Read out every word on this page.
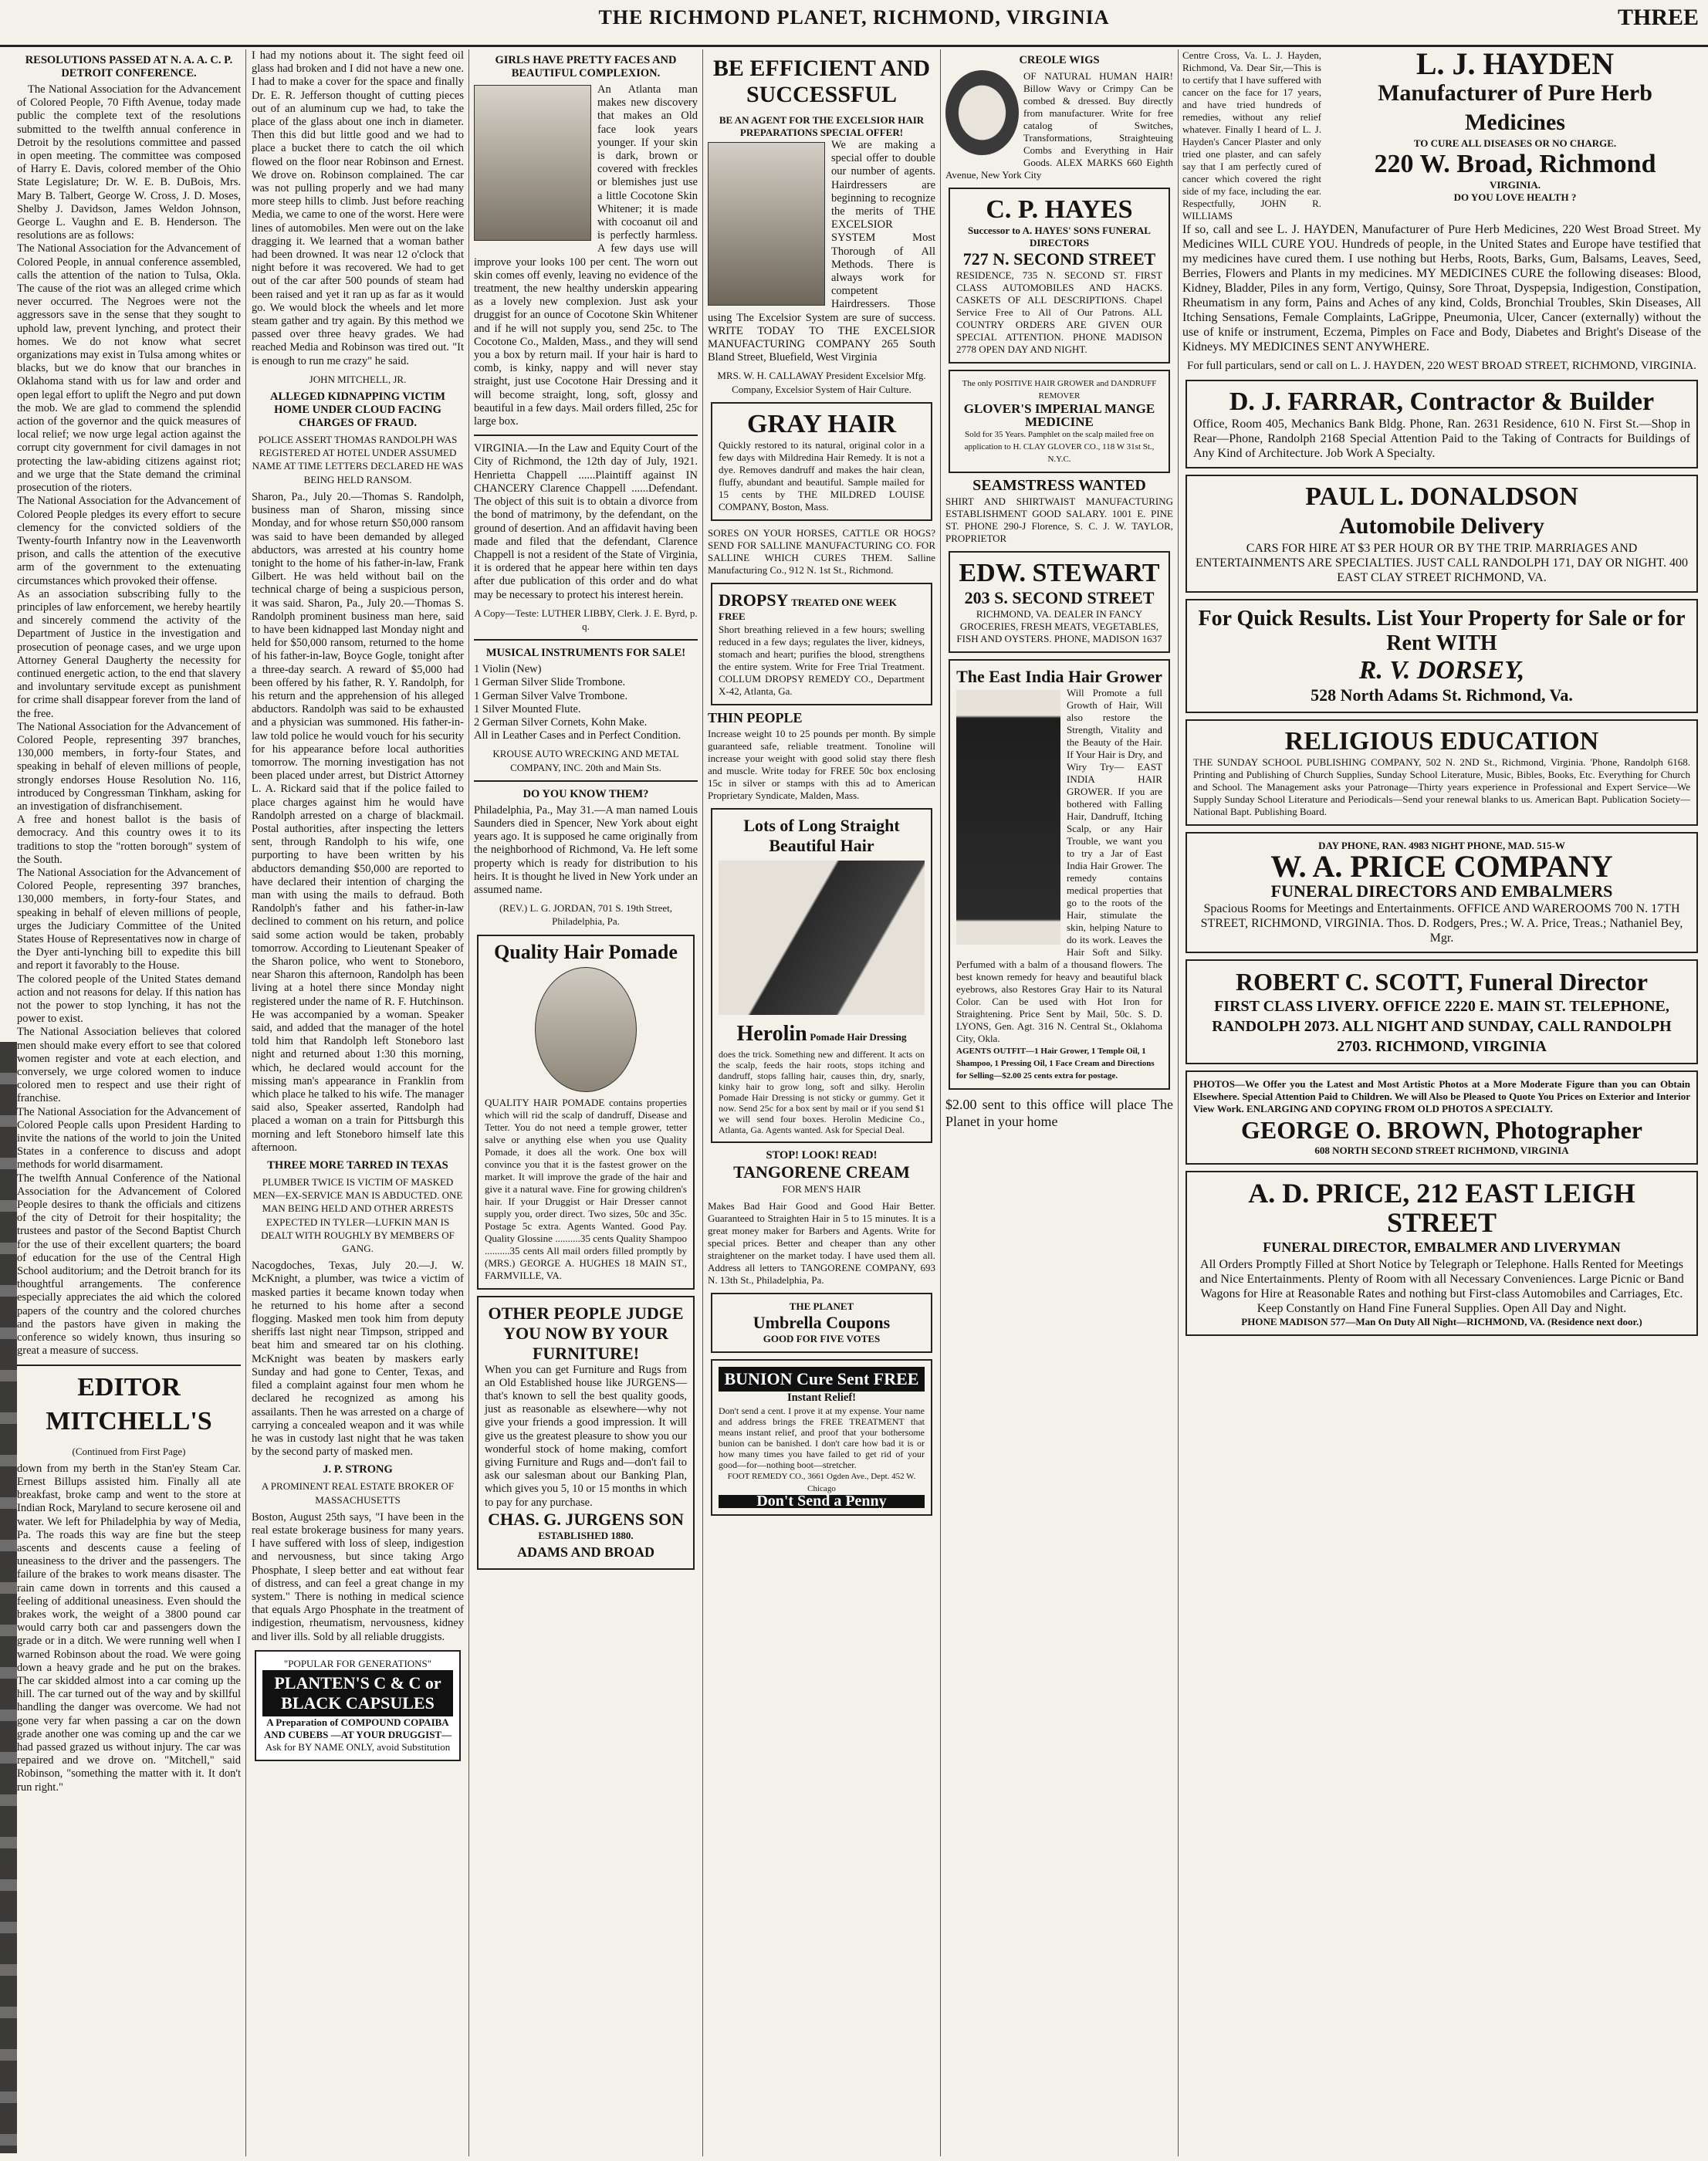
THE RICHMOND PLANET, RICHMOND, VIRGINIA	THREE
RESOLUTIONS PASSED AT N. A. A. C. P. DETROIT CONFERENCE.
The National Association for the Advancement of Colored People, 70 Fifth Avenue, today made public the complete text of the resolutions submitted to the twelfth annual conference in Detroit by the resolutions committee and passed in open meeting. The committee was composed of Harry E. Davis, colored member of the Ohio State Legislature; Dr. W. E. B. DuBois, Mrs. Mary B. Talbert, George W. Cross, J. D. Moses, Shelby J. Davidson, James Weldon Johnson, George L. Vaughn and E. B. Henderson. The resolutions are as follows:
The National Association for the Advancement of Colored People, in annual conference assembled, calls the attention of the nation to Tulsa, Okla. The cause of the riot was an alleged crime which never occurred. The Negroes were not the aggressors save in the sense that they sought to uphold law, prevent lynching, and protect their homes. We do not know what secret organizations may exist in Tulsa among whites or blacks, but we do know that our branches in Oklahoma stand with us for law and order and open legal effort to uplift the Negro and put down the mob. We are glad to commend the splendid action of the governor and the quick measures of local relief; we now urge legal action against the corrupt city government for civil damages in not protecting the law-abiding citizens against riot; and we urge that the State demand the criminal prosecution of the rioters.
The National Association for the Advancement of Colored People pledges its every effort to secure clemency for the convicted soldiers of the Twenty-fourth Infantry now in the Leavenworth prison, and calls the attention of the executive arm of the government to the extenuating circumstances which provoked their offense.
As an association subscribing fully to the principles of law enforcement, we hereby heartily and sincerely commend the activity of the Department of Justice in the investigation and prosecution of peonage cases, and we urge upon Attorney General Daugherty the necessity for continued energetic action, to the end that slavery and involuntary servitude except as punishment for crime shall disappear forever from the land of the free.
The National Association for the Advancement of Colored People, representing 397 branches, 130,000 members, in forty-four States, and speaking in behalf of eleven millions of people, strongly endorses House Resolution No. 116, introduced by Congressman Tinkham, asking for an investigation of disfranchisement.
A free and honest ballot is the basis of democracy. And this country owes it to its traditions to stop the "rotten borough" system of the South.
The National Association for the Advancement of Colored People, representing 397 branches, 130,000 members, in forty-four States, and speaking in behalf of eleven millions of people, urges the Judiciary Committee of the United States House of Representatives now in charge of the Dyer anti-lynching bill to expedite this bill and report it favorably to the House.
The colored people of the United States demand action and not reasons for delay. If this nation has not the power to stop lynching, it has not the power to exist.
The National Association believes that colored men should make every effort to see that colored women register and vote at each election, and conversely, we urge colored women to induce colored men to respect and use their right of franchise.
The National Association for the Advancement of Colored People calls upon President Harding to invite the nations of the world to join the United States in a conference to discuss and adopt methods for world disarmament.
The twelfth Annual Conference of the National Association for the Advancement of Colored People desires to thank the officials and citizens of the city of Detroit for their hospitality; the trustees and pastor of the Second Baptist Church for the use of their excellent quarters; the board of education for the use of the Central High School auditorium; and the Detroit branch for its thoughtful arrangements. The conference especially appreciates the aid which the colored papers of the country and the colored churches and the pastors have given in making the conference so widely known, thus insuring so great a measure of success.
EDITOR MITCHELL'S
(Continued from First Page)
down from my berth in the Stan'ey Steam Car. Ernest Billups assisted him. Finally all ate breakfast, broke camp and went to the store at Indian Rock, Maryland to secure kerosene oil and water. We left for Philadelphia by way of Media, Pa. The roads this way are fine but the steep ascents and descents cause a feeling of uneasiness to the driver and the passengers. The failure of the brakes to work means disaster. The rain came down in torrents and this caused a feeling of additional uneasiness. Even should the brakes work, the weight of a 3800 pound car would carry both car and passengers down the grade or in a ditch. We were running well when I warned Robinson about the road. We were going down a heavy grade and he put on the brakes. The car skidded almost into a car coming up the hill. The car turned out of the way and by skillful handling the danger was overcome. We had not gone very far when passing a car on the down grade another one was coming up and the car we had passed grazed us without injury. The car was repaired and we drove on. "Mitchell," said Robinson, "something the matter with it. It don't run right."
I had my notions about it. The sight feed oil glass had broken and I did not have a new one. I had to make a cover for the space and finally Dr. E. R. Jefferson thought of cutting pieces out of an aluminum cup we had, to take the place of the glass about one inch in diameter. Then this did but little good and we had to place a bucket there to catch the oil which flowed on the floor near Robinson and Ernest. We drove on. Robinson complained. The car was not pulling properly and we had many more steep hills to climb. Just before reaching Media, we came to one of the worst. Here were lines of automobiles. Men were out on the lake dragging it. We learned that a woman bather had been drowned. It was near 12 o'clock that night before it was recovered. We had to get out of the car after 500 pounds of steam had been raised and yet it ran up as far as it would go. We would block the wheels and let more steam gather and try again. By this method we passed over three heavy grades. We had reached Media and Robinson was tired out. "It is enough to run me crazy" he said.
JOHN MITCHELL, JR.
ALLEGED KIDNAPPING VICTIM HOME UNDER CLOUD FACING CHARGES OF FRAUD.
POLICE ASSERT THOMAS RANDOLPH WAS REGISTERED AT HOTEL UNDER ASSUMED NAME AT TIME LETTERS DECLARED HE WAS BEING HELD RANSOM.
Sharon, Pa., July 20.—Thomas S. Randolph, business man of Sharon, missing since Monday, and for whose return $50,000 ransom was said to have been demanded by alleged abductors, was arrested at his country home tonight to the home of his father-in-law, Frank Gilbert. He was held without bail on the technical charge of being a suspicious person, it was said. Sharon, Pa., July 20.—Thomas S. Randolph prominent business man here, said to have been kidnapped last Monday night and held for $50,000 ransom, returned to the home of his father-in-law, Boyce Gogle, tonight after a three-day search. A reward of $5,000 had been offered by his father, R. Y. Randolph, for his return and the apprehension of his alleged abductors. Randolph was said to be exhausted and a physician was summoned. His father-in-law told police he would vouch for his security for his appearance before local authorities tomorrow. The morning investigation has not been placed under arrest, but District Attorney L. A. Rickard said that if the police failed to place charges against him he would have Randolph arrested on a charge of blackmail. Postal authorities, after inspecting the letters sent, through Randolph to his wife, one purporting to have been written by his abductors demanding $50,000 are reported to have declared their intention of charging the man with using the mails to defraud. Both Randolph's father and his father-in-law declined to comment on his return, and police said some action would be taken, probably tomorrow. According to Lieutenant Speaker of the Sharon police, who went to Stoneboro, near Sharon this afternoon, Randolph has been living at a hotel there since Monday night registered under the name of R. F. Hutchinson. He was accompanied by a woman. Speaker said, and added that the manager of the hotel told him that Randolph left Stoneboro last night and returned about 1:30 this morning, which, he declared would account for the missing man's appearance in Franklin from which place he talked to his wife. The manager said also, Speaker asserted, Randolph had placed a woman on a train for Pittsburgh this morning and left Stoneboro himself late this afternoon.
THREE MORE TARRED IN TEXAS
PLUMBER TWICE IS VICTIM OF MASKED MEN—EX-SERVICE MAN IS ABDUCTED. ONE MAN BEING HELD AND OTHER ARRESTS EXPECTED IN TYLER—LUFKIN MAN IS DEALT WITH ROUGHLY BY MEMBERS OF GANG.
Nacogdoches, Texas, July 20.—J. W. McKnight, a plumber, was twice a victim of masked parties it became known today when he returned to his home after a second flogging. Masked men took him from deputy sheriffs last night near Timpson, stripped and beat him and smeared tar on his clothing. McKnight was beaten by maskers early Sunday and had gone to Center, Texas, and filed a complaint against four men whom he declared he recognized as among his assailants. Then he was arrested on a charge of carrying a concealed weapon and it was while he was in custody last night that he was taken by the second party of masked men.
J. P. STRONG
A PROMINENT REAL ESTATE BROKER OF MASSACHUSETTS
Boston, August 25th says, "I have been in the real estate brokerage business for many years. I have suffered with loss of sleep, indigestion and nervousness, but since taking Argo Phosphate, I sleep better and eat without fear of distress, and can feel a great change in my system." There is nothing in medical science that equals Argo Phosphate in the treatment of indigestion, rheumatism, nervousness, kidney and liver ills. Sold by all reliable druggists.
"POPULAR FOR GENERATIONS"
PLANTEN'S C & C or BLACK CAPSULES
A Preparation of COMPOUND COPAIBA AND CUBEBS —AT YOUR DRUGGIST—
Ask for BY NAME ONLY, avoid Substitution
GIRLS HAVE PRETTY FACES AND BEAUTIFUL COMPLEXION.
An Atlanta man makes new discovery that makes an Old face look years younger. If your skin is dark, brown or covered with freckles or blemishes just use a little Cocotone Skin Whitener; it is made with cocoanut oil and is perfectly harmless. A few days use will improve your looks 100 per cent. The worn out skin comes off evenly, leaving no evidence of the treatment, the new healthy underskin appearing as a lovely new complexion. Just ask your druggist for an ounce of Cocotone Skin Whitener and if he will not supply you, send 25c. to The Cocotone Co., Malden, Mass., and they will send you a box by return mail. If your hair is hard to comb, is kinky, nappy and will never stay straight, just use Cocotone Hair Dressing and it will become straight, long, soft, glossy and beautiful in a few days. Mail orders filled, 25c for large box.
VIRGINIA.—In the Law and Equity Court of the City of Richmond, the 12th day of July, 1921. Henrietta Chappell ......Plaintiff against IN CHANCERY Clarence Chappell ......Defendant. The object of this suit is to obtain a divorce from the bond of matrimony, by the defendant, on the ground of desertion. And an affidavit having been made and filed that the defendant, Clarence Chappell is not a resident of the State of Virginia, it is ordered that he appear here within ten days after due publication of this order and do what may be necessary to protect his interest herein.
A Copy—Teste: LUTHER LIBBY, Clerk. J. E. Byrd, p. q.
MUSICAL INSTRUMENTS FOR SALE!
1 Violin (New)
1 German Silver Slide Trombone.
1 German Silver Valve Trombone.
1 Silver Mounted Flute.
2 German Silver Cornets, Kohn Make.
All in Leather Cases and in Perfect Condition.
KROUSE AUTO WRECKING AND METAL COMPANY, INC. 20th and Main Sts.
DO YOU KNOW THEM?
Philadelphia, Pa., May 31.—A man named Louis Saunders died in Spencer, New York about eight years ago. It is supposed he came originally from the neighborhood of Richmond, Va. He left some property which is ready for distribution to his heirs. It is thought he lived in New York under an assumed name.
(REV.) L. G. JORDAN, 701 S. 19th Street, Philadelphia, Pa.
Quality Hair Pomade
QUALITY HAIR POMADE contains properties which will rid the scalp of dandruff, Disease and Tetter. You do not need a temple grower, tetter salve or anything else when you use Quality Pomade, it does all the work. One box will convince you that it is the fastest grower on the market. It will improve the grade of the hair and give it a natural wave. Fine for growing children's hair. If your Druggist or Hair Dresser cannot supply you, order direct. Two sizes, 50c and 35c. Postage 5c extra. Agents Wanted. Good Pay. Quality Glossine ..........35 cents Quality Shampoo ..........35 cents All mail orders filled promptly by (MRS.) GEORGE A. HUGHES 18 MAIN ST., FARMVILLE, VA.
OTHER PEOPLE JUDGE YOU NOW BY YOUR FURNITURE!
When you can get Furniture and Rugs from an Old Established house like JURGENS—that's known to sell the best quality goods, just as reasonable as elsewhere—why not give your friends a good impression. It will give us the greatest pleasure to show you our wonderful stock of home making, comfort giving Furniture and Rugs and—don't fail to ask our salesman about our Banking Plan, which gives you 5, 10 or 15 months in which to pay for any purchase.
CHAS. G. JURGENS SON
ESTABLISHED 1880.
ADAMS AND BROAD
BE EFFICIENT AND SUCCESSFUL
BE AN AGENT FOR THE EXCELSIOR HAIR PREPARATIONS SPECIAL OFFER!
We are making a special offer to double our number of agents. Hairdressers are beginning to recognize the merits of THE EXCELSIOR SYSTEM Most Thorough of All Methods. There is always work for competent Hairdressers. Those using The Excelsior System are sure of success. WRITE TODAY TO THE EXCELSIOR MANUFACTURING COMPANY 265 South Bland Street, Bluefield, West Virginia
MRS. W. H. CALLAWAY President Excelsior Mfg. Company, Excelsior System of Hair Culture.
GRAY HAIR
Quickly restored to its natural, original color in a few days with Mildredina Hair Remedy. It is not a dye. Removes dandruff and makes the hair clean, fluffy, abundant and beautiful. Sample mailed for 15 cents by THE MILDRED LOUISE COMPANY, Boston, Mass.
SORES ON YOUR HORSES, CATTLE OR HOGS? SEND FOR SALLINE MANUFACTURING CO. FOR SALLINE WHICH CURES THEM. Salline Manufacturing Co., 912 N. 1st St., Richmond.
DROPSY TREATED ONE WEEK FREE
Short breathing relieved in a few hours; swelling reduced in a few days; regulates the liver, kidneys, stomach and heart; purifies the blood, strengthens the entire system. Write for Free Trial Treatment. COLLUM DROPSY REMEDY CO., Department X-42, Atlanta, Ga.
THIN PEOPLE
Increase weight 10 to 25 pounds per month. By simple guaranteed safe, reliable treatment. Tonoline will increase your weight with good solid stay there flesh and muscle. Write today for FREE 50c box enclosing 15c in silver or stamps with this ad to American Proprietary Syndicate, Malden, Mass.
Lots of Long Straight Beautiful Hair
Herolin Pomade Hair Dressing
does the trick. Something new and different. It acts on the scalp, feeds the hair roots, stops itching and dandruff, stops falling hair, causes thin, dry, snarly, kinky hair to grow long, soft and silky. Herolin Pomade Hair Dressing is not sticky or gummy. Get it now. Send 25c for a box sent by mail or if you send $1 we will send four boxes. Herolin Medicine Co., Atlanta, Ga. Agents wanted. Ask for Special Deal.
STOP! LOOK! READ!
TANGORENE CREAM
FOR MEN'S HAIR
Makes Bad Hair Good and Good Hair Better. Guaranteed to Straighten Hair in 5 to 15 minutes. It is a great money maker for Barbers and Agents. Write for special prices. Better and cheaper than any other straightener on the market today. I have used them all. Address all letters to TANGORENE COMPANY, 693 N. 13th St., Philadelphia, Pa.
THE PLANET
Umbrella Coupons
GOOD FOR FIVE VOTES
BUNION Cure Sent FREE
Instant Relief!
Don't send a cent. I prove it at my expense. Your name and address brings the FREE TREATMENT that means instant relief, and proof that your bothersome bunion can be banished. I don't care how bad it is or how many times you have failed to get rid of your good—for—nothing boot—stretcher.
FOOT REMEDY CO., 3661 Ogden Ave., Dept. 452 W. Chicago
Don't Send a Penny
CREOLE WIGS
OF NATURAL HUMAN HAIR! Billow Wavy or Crimpy Can be combed & dressed. Buy directly from manufacturer. Write for free catalog of Switches, Transformations, Straighteuing Combs and Everything in Hair Goods. ALEX MARKS 660 Eighth Avenue, New York City
C. P. HAYES
Successor to A. HAYES' SONS FUNERAL DIRECTORS
727 N. SECOND STREET
RESIDENCE, 735 N. SECOND ST. FIRST CLASS AUTOMOBILES AND HACKS. CASKETS OF ALL DESCRIPTIONS. Chapel Service Free to All of Our Patrons. ALL COUNTRY ORDERS ARE GIVEN OUR SPECIAL ATTENTION. PHONE MADISON 2778 OPEN DAY AND NIGHT.
The only POSITIVE HAIR GROWER and DANDRUFF REMOVER
GLOVER'S IMPERIAL MANGE MEDICINE
Sold for 35 Years. Pamphlet on the scalp mailed free on application to H. CLAY GLOVER CO., 118 W 31st St., N.Y.C.
SEAMSTRESS WANTED
SHIRT AND SHIRTWAIST MANUFACTURING ESTABLISHMENT GOOD SALARY. 1001 E. PINE ST. PHONE 290-J Florence, S. C. J. W. TAYLOR, PROPRIETOR
EDW. STEWART
203 S. SECOND STREET
RICHMOND, VA. DEALER IN FANCY GROCERIES, FRESH MEATS, VEGETABLES, FISH AND OYSTERS. PHONE, MADISON 1637
The East India Hair Grower
Will Promote a full Growth of Hair, Will also restore the Strength, Vitality and the Beauty of the Hair. If Your Hair is Dry, and Wiry Try— EAST INDIA HAIR GROWER. If you are bothered with Falling Hair, Dandruff, Itching Scalp, or any Hair Trouble, we want you to try a Jar of East India Hair Grower. The remedy contains medical properties that go to the roots of the Hair, stimulate the skin, helping Nature to do its work. Leaves the Hair Soft and Silky. Perfumed with a balm of a thousand flowers. The best known remedy for heavy and beautiful black eyebrows, also Restores Gray Hair to its Natural Color. Can be used with Hot Iron for Straightening. Price Sent by Mail, 50c. S. D. LYONS, Gen. Agt. 316 N. Central St., Oklahoma City, Okla.
AGENTS OUTFIT—1 Hair Grower, 1 Temple Oil, 1 Shampoo, 1 Pressing Oil, 1 Face Cream and Directions for Selling—$2.00 25 cents extra for postage.
$2.00 sent to this office will place The Planet in your home
Centre Cross, Va. L. J. Hayden, Richmond, Va. Dear Sir,—This is to certify that I have suffered with cancer on the face for 17 years, and have tried hundreds of remedies, without any relief whatever. Finally I heard of L. J. Hayden's Cancer Plaster and only tried one plaster, and can safely say that I am perfectly cured of cancer which covered the right side of my face, including the ear. Respectfully, JOHN R. WILLIAMS
L. J. HAYDEN
Manufacturer of Pure Herb Medicines
TO CURE ALL DISEASES OR NO CHARGE.
220 W. Broad, Richmond
VIRGINIA.
DO YOU LOVE HEALTH ?
If so, call and see L. J. HAYDEN, Manufacturer of Pure Herb Medicines, 220 West Broad Street. My Medicines WILL CURE YOU. Hundreds of people, in the United States and Europe have testified that my medicines have cured them. I use nothing but Herbs, Roots, Barks, Gum, Balsams, Leaves, Seed, Berries, Flowers and Plants in my medicines. MY MEDICINES CURE the following diseases: Blood, Kidney, Bladder, Piles in any form, Vertigo, Quinsy, Sore Throat, Dyspepsia, Indigestion, Constipation, Rheumatism in any form, Pains and Aches of any kind, Colds, Bronchial Troubles, Skin Diseases, All Itching Sensations, Female Complaints, LaGrippe, Pneumonia, Ulcer, Cancer (externally) without the use of knife or instrument, Eczema, Pimples on Face and Body, Diabetes and Bright's Disease of the Kidneys. MY MEDICINES SENT ANYWHERE.
For full particulars, send or call on L. J. HAYDEN, 220 WEST BROAD STREET, RICHMOND, VIRGINIA.
D. J. FARRAR, Contractor & Builder
Office, Room 405, Mechanics Bank Bldg. Phone, Ran. 2631 Residence, 610 N. First St.—Shop in Rear—Phone, Randolph 2168 Special Attention Paid to the Taking of Contracts for Buildings of Any Kind of Architecture. Job Work A Specialty.
PAUL L. DONALDSON
Automobile Delivery
CARS FOR HIRE AT $3 PER HOUR OR BY THE TRIP. MARRIAGES AND ENTERTAINMENTS ARE SPECIALTIES. JUST CALL RANDOLPH 171, DAY OR NIGHT. 400 EAST CLAY STREET RICHMOND, VA.
For Quick Results. List Your Property for Sale or for Rent WITH
R. V. DORSEY,
528 North Adams St. Richmond, Va.
RELIGIOUS EDUCATION
THE SUNDAY SCHOOL PUBLISHING COMPANY, 502 N. 2ND St., Richmond, Virginia. 'Phone, Randolph 6168. Printing and Publishing of Church Supplies, Sunday School Literature, Music, Bibles, Books, Etc. Everything for Church and School. The Management asks your Patronage—Thirty years experience in Professional and Expert Service—We Supply Sunday School Literature and Periodicals—Send your renewal blanks to us. American Bapt. Publication Society—National Bapt. Publishing Board.
DAY PHONE, RAN. 4983 NIGHT PHONE, MAD. 515-W
W. A. PRICE COMPANY
FUNERAL DIRECTORS AND EMBALMERS
Spacious Rooms for Meetings and Entertainments. OFFICE AND WAREROOMS 700 N. 17TH STREET, RICHMOND, VIRGINIA. Thos. D. Rodgers, Pres.; W. A. Price, Treas.; Nathaniel Bey, Mgr.
ROBERT C. SCOTT, Funeral Director
FIRST CLASS LIVERY. OFFICE 2220 E. MAIN ST. TELEPHONE, RANDOLPH 2073. ALL NIGHT AND SUNDAY, CALL RANDOLPH 2703. RICHMOND, VIRGINIA
PHOTOS—We Offer you the Latest and Most Artistic Photos at a More Moderate Figure than you can Obtain Elsewhere. Special Attention Paid to Children. We will Also be Pleased to Quote You Prices on Exterior and Interior View Work. ENLARGING AND COPYING FROM OLD PHOTOS A SPECIALTY.
GEORGE O. BROWN, Photographer
608 NORTH SECOND STREET RICHMOND, VIRGINIA
A. D. PRICE, 212 EAST LEIGH STREET
FUNERAL DIRECTOR, EMBALMER AND LIVERYMAN
All Orders Promptly Filled at Short Notice by Telegraph or Telephone. Halls Rented for Meetings and Nice Entertainments. Plenty of Room with all Necessary Conveniences. Large Picnic or Band Wagons for Hire at Reasonable Rates and nothing but First-class Automobiles and Carriages, Etc. Keep Constantly on Hand Fine Funeral Supplies. Open All Day and Night.
PHONE MADISON 577—Man On Duty All Night—RICHMOND, VA. (Residence next door.)
